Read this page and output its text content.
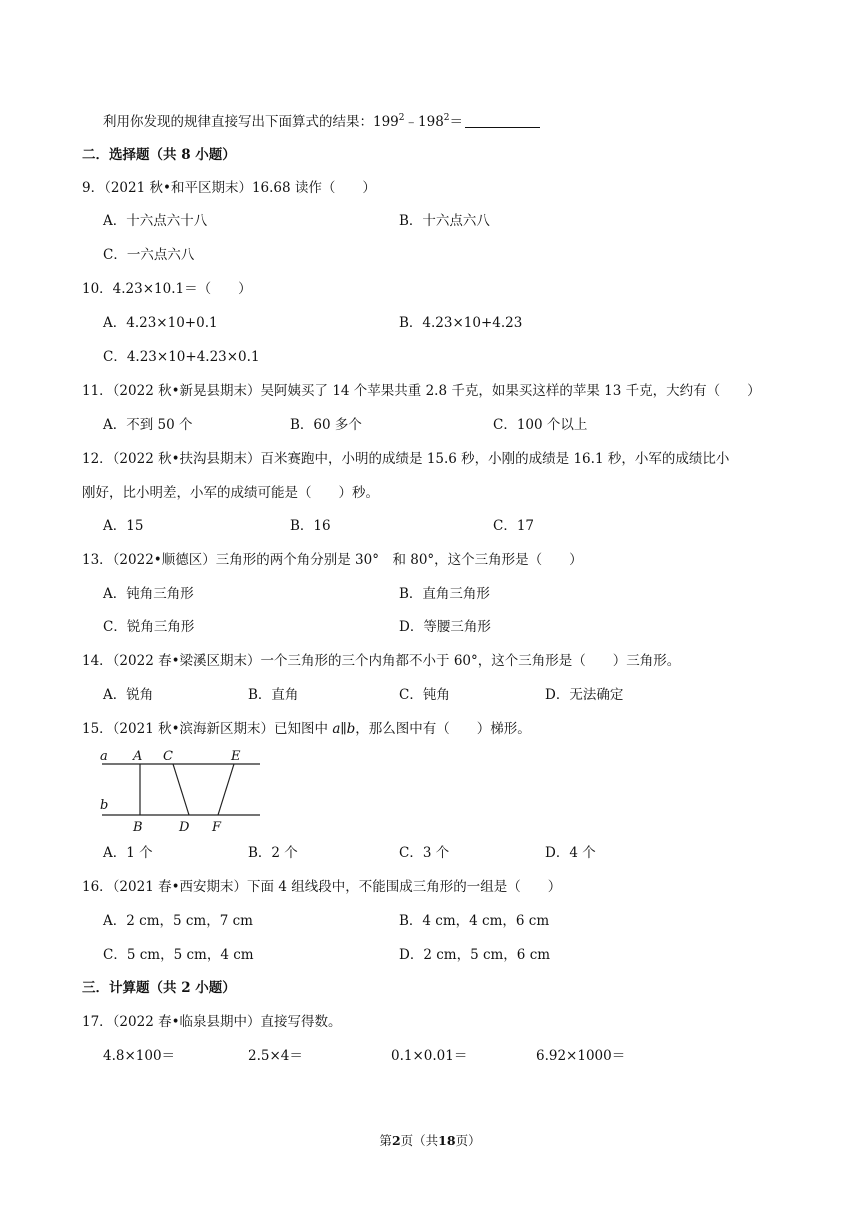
利用你发现的规律直接写出下面算式的结果：$199^2﹣198^2=$
二．选择题（共 8 小题）
9．（2021 秋•和平区期末）16.68 读作（　　）
A．十六点六十八	B．十六点六八
C．一六点六八
10．4.23×10.1＝（　　）
A．4.23×10+0.1	B．4.23×10+4.23
C．4.23×10+4.23×0.1
11．（2022 秋•新晃县期末）吴阿姨买了 14 个苹果共重 2.8 千克，如果买这样的苹果 13 千克，大约有（　　）
A．不到 50 个	B．60 多个	C．100 个以上
12．（2022 秋•扶沟县期末）百米赛跑中，小明的成绩是 15.6 秒，小刚的成绩是 16.1 秒，小军的成绩比小
刚好，比小明差，小军的成绩可能是（　　）秒。
A．15	B．16	C．17
13．（2022•顺德区）三角形的两个角分别是 30°　和 80°，这个三角形是（　　）
A．钝角三角形	B．直角三角形
C．锐角三角形	D．等腰三角形
14．（2022 春•梁溪区期末）一个三角形的三个内角都不小于 60°，这个三角形是（　　）三角形。
A．锐角	B．直角	C．钝角	D．无法确定
15．（2021 秋•滨海新区期末）已知图中 a∥b，那么图中有（　　）梯形。
a A C	E
b
B	D F
A．1 个	B．2 个	C．3 个	D．4 个
16．（2021 春•西安期末）下面 4 组线段中，不能围成三角形的一组是（　　）
A．2 cm，5 cm，7 cm	B．4 cm，4 cm，6 cm
C．5 cm，5 cm，4 cm	D．2 cm，5 cm，6 cm
三．计算题（共 2 小题）
17．（2022 春•临泉县期中）直接写得数。
4.8×100＝	2.5×4＝	0.1×0.01＝	6.92×1000＝
第2页（共18页）
